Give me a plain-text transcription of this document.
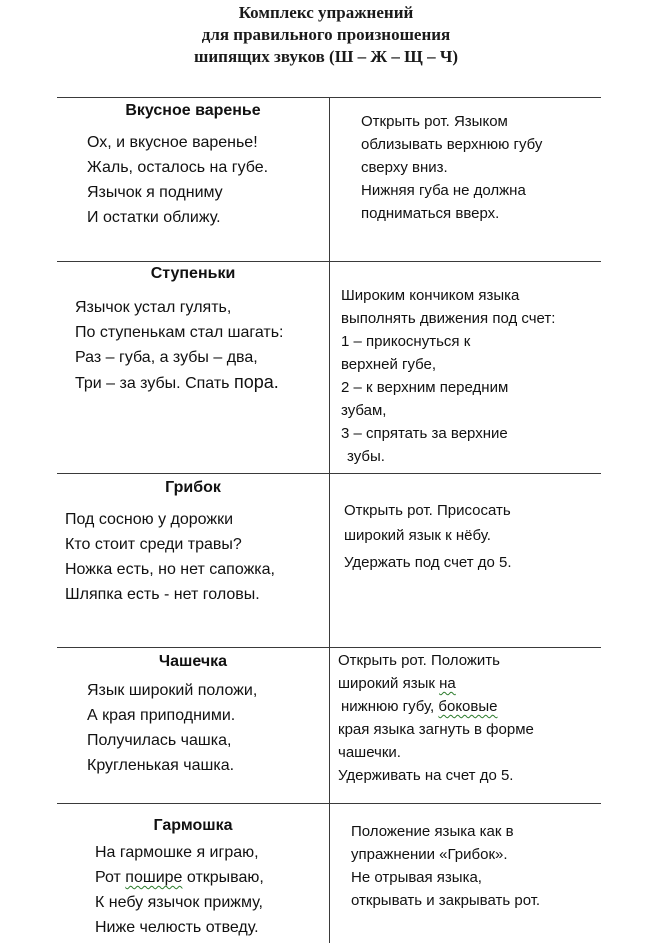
Комплекс упражнений
для правильного произношения
шипящих звуков (Ш – Ж – Щ – Ч)
Вкусное варенье
Ох, и вкусное варенье!
Жаль, осталось на губе.
Язычок я подниму
И остатки оближу.
Открыть рот. Языком
облизывать верхнюю губу
сверху вниз.
Нижняя губа не должна
подниматься вверх.
Ступеньки
Язычок устал гулять,
По ступенькам стал шагать:
Раз – губа, а зубы – два,
Три – за зубы. Спать пора.
Широким кончиком языка
выполнять движения под счет:
1 – прикоснуться к
верхней губе,
2 – к верхним передним
зубам,
3 – спрятать за верхние
зубы.
Грибок
Под сосною у дорожки
Кто стоит среди травы?
Ножка есть, но нет сапожка,
Шляпка есть - нет головы.
Открыть рот. Присосать
широкий язык к нёбу.
Удержать под счет до 5.
Чашечка
Язык широкий положи,
А края приподними.
Получилась чашка,
Кругленькая чашка.
Открыть рот. Положить
широкий язык на
нижнюю губу, боковые
края языка загнуть в форме
чашечки.
Удерживать на счет до 5.
Гармошка
На гармошке я играю,
Рот пошире открываю,
К небу язычок прижму,
Ниже челюсть отведу.
Положение языка как в
упражнении «Грибок».
Не отрывая языка,
открывать и закрывать рот.
